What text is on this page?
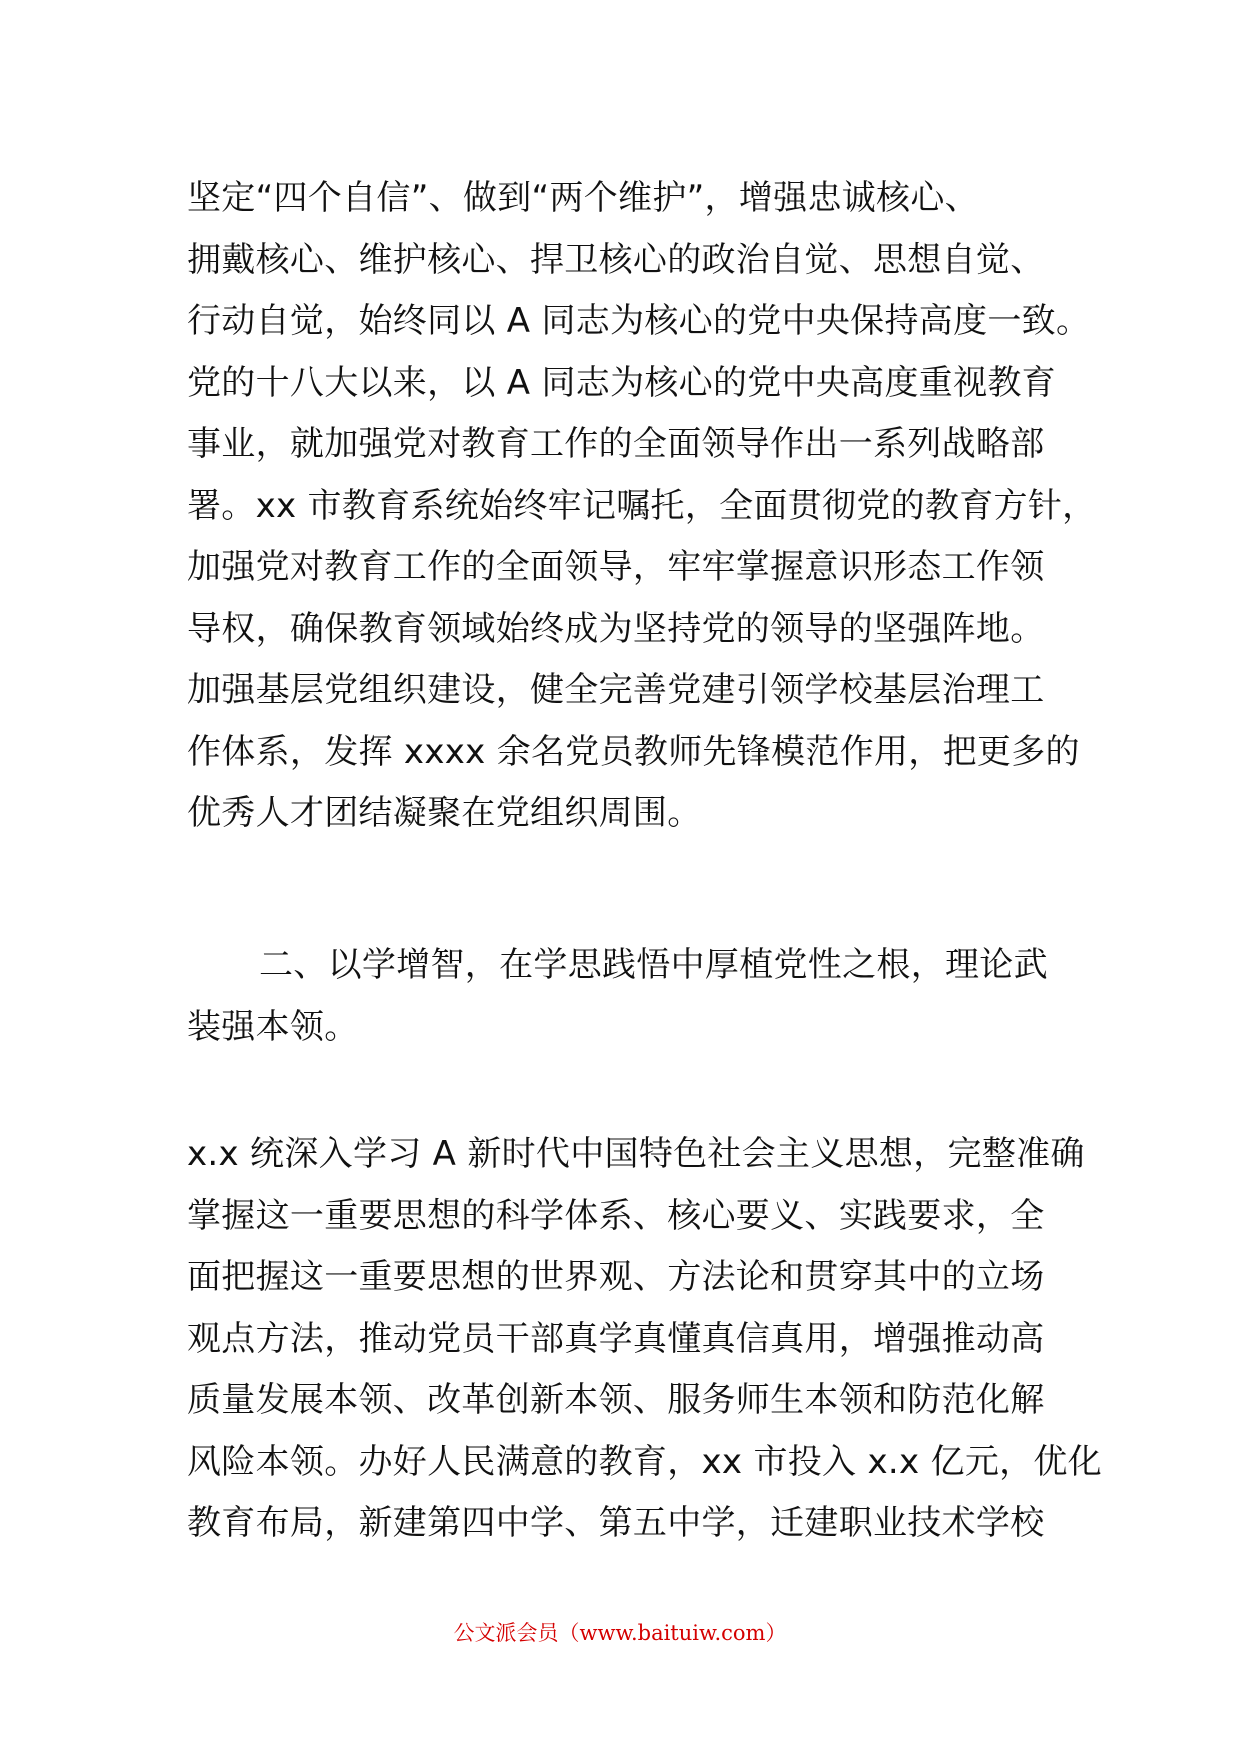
坚定“四个自信”、做到“两个维护”，增强忠诚核心、
拥戴核心、维护核心、捍卫核心的政治自觉、思想自觉、
行动自觉，始终同以 A 同志为核心的党中央保持高度一致。
党的十八大以来，以 A 同志为核心的党中央高度重视教育
事业，就加强党对教育工作的全面领导作出一系列战略部
署。xx 市教育系统始终牢记嘱托，全面贯彻党的教育方针，
加强党对教育工作的全面领导，牢牢掌握意识形态工作领
导权，确保教育领域始终成为坚持党的领导的坚强阵地。
加强基层党组织建设，健全完善党建引领学校基层治理工
作体系，发挥 xxxx 余名党员教师先锋模范作用，把更多的
优秀人才团结凝聚在党组织周围。
二、以学增智，在学思践悟中厚植党性之根，理论武
装强本领。
x.x 统深入学习 A 新时代中国特色社会主义思想，完整准确
掌握这一重要思想的科学体系、核心要义、实践要求，全
面把握这一重要思想的世界观、方法论和贯穿其中的立场
观点方法，推动党员干部真学真懂真信真用，增强推动高
质量发展本领、改革创新本领、服务师生本领和防范化解
风险本领。办好人民满意的教育，xx 市投入 x.x 亿元，优化
教育布局，新建第四中学、第五中学，迁建职业技术学校
公文派会员（www.baituiw.com）
